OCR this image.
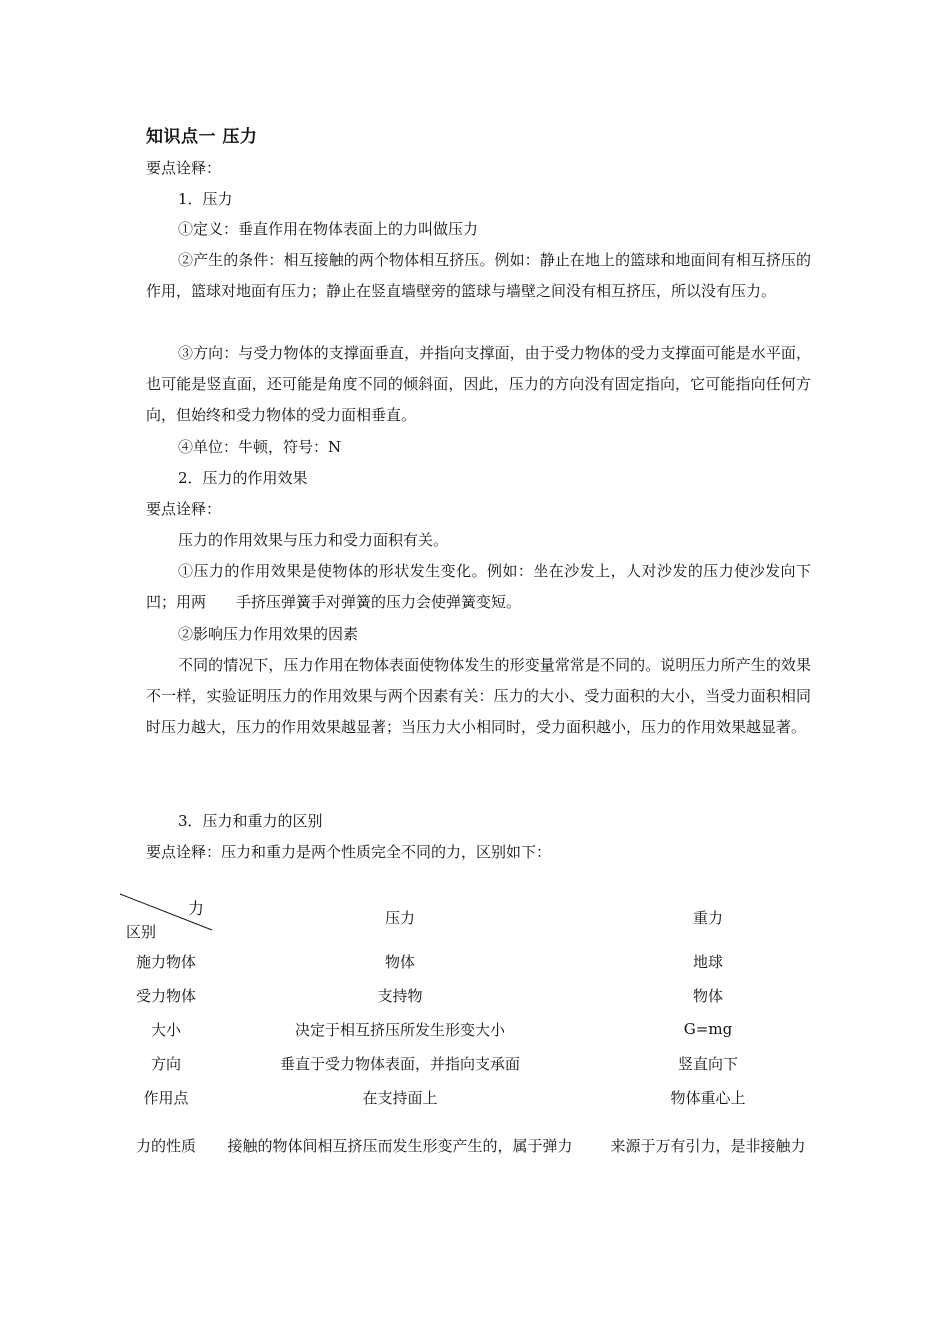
知识点一 压力
要点诠释：
1．压力
①定义：垂直作用在物体表面上的力叫做压力
②产生的条件：相互接触的两个物体相互挤压。例如：静止在地上的篮球和地面间有相互挤压的作用，篮球对地面有压力；静止在竖直墙壁旁的篮球与墙壁之间没有相互挤压，所以没有压力。
③方向：与受力物体的支撑面垂直，并指向支撑面，由于受力物体的受力支撑面可能是水平面，也可能是竖直面，还可能是角度不同的倾斜面，因此，压力的方向没有固定指向，它可能指向任何方向，但始终和受力物体的受力面相垂直。
④单位：牛顿，符号：N
2．压力的作用效果
要点诠释：
压力的作用效果与压力和受力面积有关。
①压力的作用效果是使物体的形状发生变化。例如：坐在沙发上，人对沙发的压力使沙发向下凹；用两　　手挤压弹簧手对弹簧的压力会使弹簧变短。
②影响压力作用效果的因素
不同的情况下，压力作用在物体表面使物体发生的形变量常常是不同的。说明压力所产生的效果不一样，实验证明压力的作用效果与两个因素有关：压力的大小、受力面积的大小，当受力面积相同时压力越大，压力的作用效果越显著；当压力大小相同时，受力面积越小，压力的作用效果越显著。
3．压力和重力的区别
要点诠释：压力和重力是两个性质完全不同的力，区别如下：
力
区别	压力	重力
施力物体	物体	地球
受力物体	支持物	物体
大小	决定于相互挤压所发生形变大小	G=mg
方向	垂直于受力物体表面，并指向支承面	竖直向下
作用点	在支持面上	物体重心上
力的性质	接触的物体间相互挤压而发生形变产生的，属于弹力	来源于万有引力，是非接触力
